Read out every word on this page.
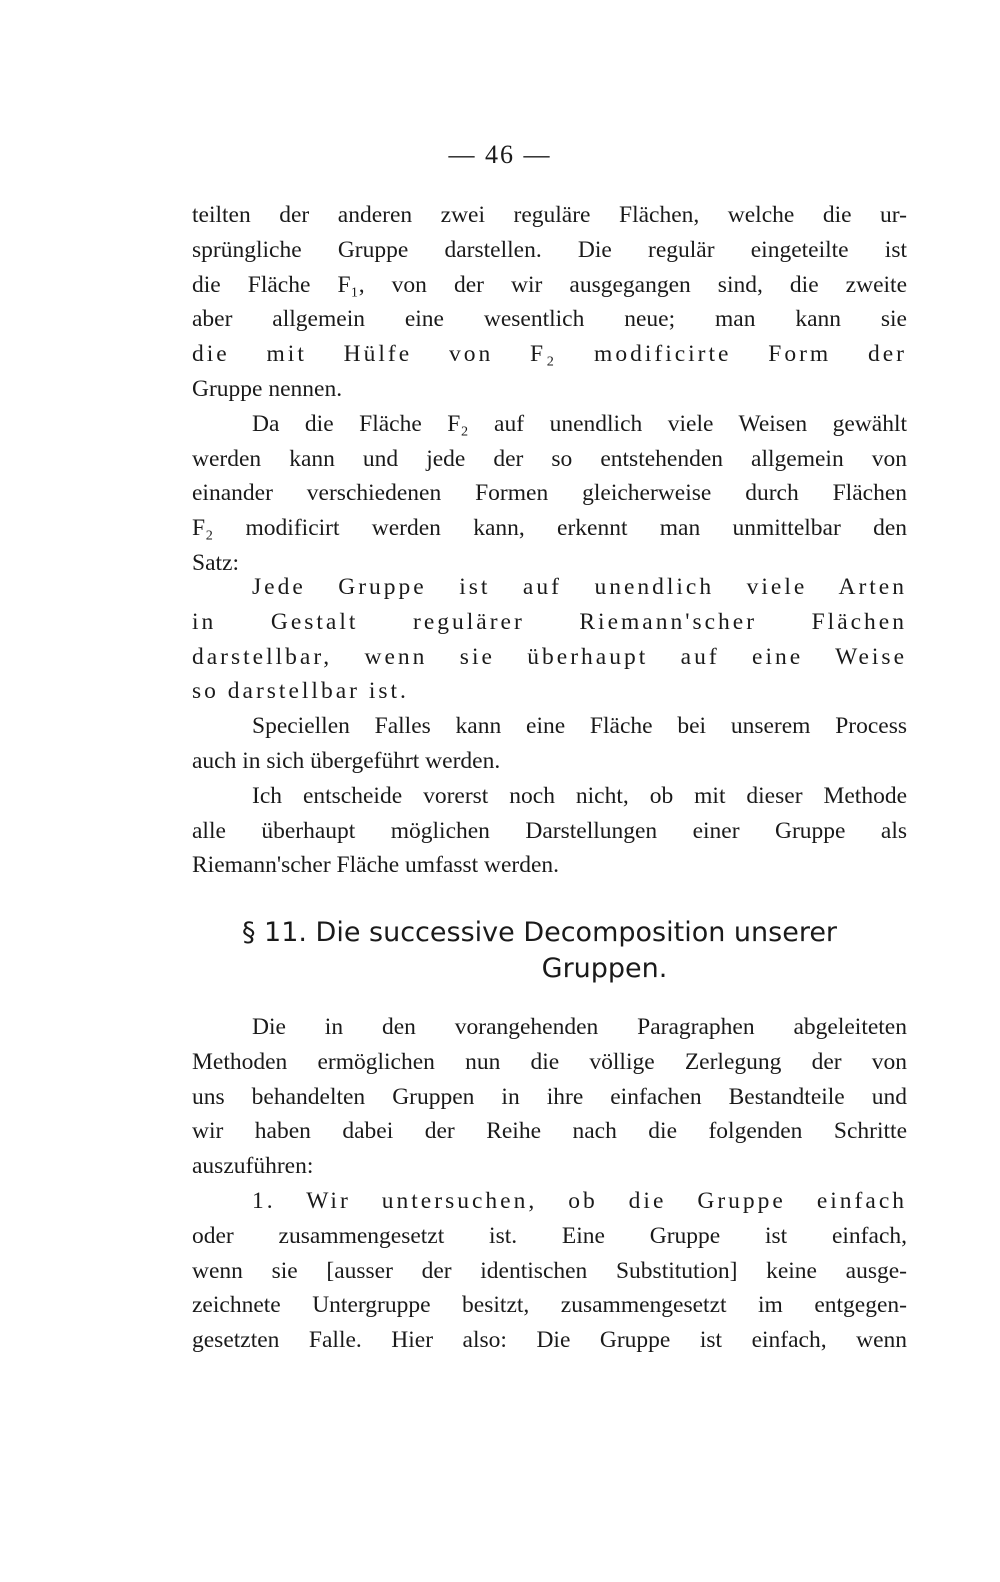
— 46 —
teilten der anderen zwei reguläre Flächen, welche die ur-
sprüngliche Gruppe darstellen. Die regulär eingeteilte ist
die Fläche F₁, von der wir ausgegangen sind, die zweite
aber allgemein eine wesentlich neue; man kann sie
die mit Hülfe von F₂ modificirte Form der
Gruppe nennen.
Da die Fläche F₂ auf unendlich viele Weisen gewählt
werden kann und jede der so entstehenden allgemein von
einander verschiedenen Formen gleicherweise durch Flächen
F₂ modificirt werden kann, erkennt man unmittelbar den
Satz:
Jede Gruppe ist auf unendlich viele Arten
in Gestalt regulärer Riemann'scher Flächen
darstellbar, wenn sie überhaupt auf eine Weise
so darstellbar ist.
Speciellen Falles kann eine Fläche bei unserem Process
auch in sich übergeführt werden.
Ich entscheide vorerst noch nicht, ob mit dieser Methode
alle überhaupt möglichen Darstellungen einer Gruppe als
Riemann'scher Fläche umfasst werden.
§ 11. Die successive Decomposition unserer
Gruppen.
Die in den vorangehenden Paragraphen abgeleiteten
Methoden ermöglichen nun die völlige Zerlegung der von
uns behandelten Gruppen in ihre einfachen Bestandteile und
wir haben dabei der Reihe nach die folgenden Schritte
auszuführen:
1. Wir untersuchen, ob die Gruppe einfach
oder zusammengesetzt ist. Eine Gruppe ist einfach,
wenn sie [ausser der identischen Substitution] keine ausge-
zeichnete Untergruppe besitzt, zusammengesetzt im entgegen-
gesetzten Falle. Hier also: Die Gruppe ist einfach, wenn
